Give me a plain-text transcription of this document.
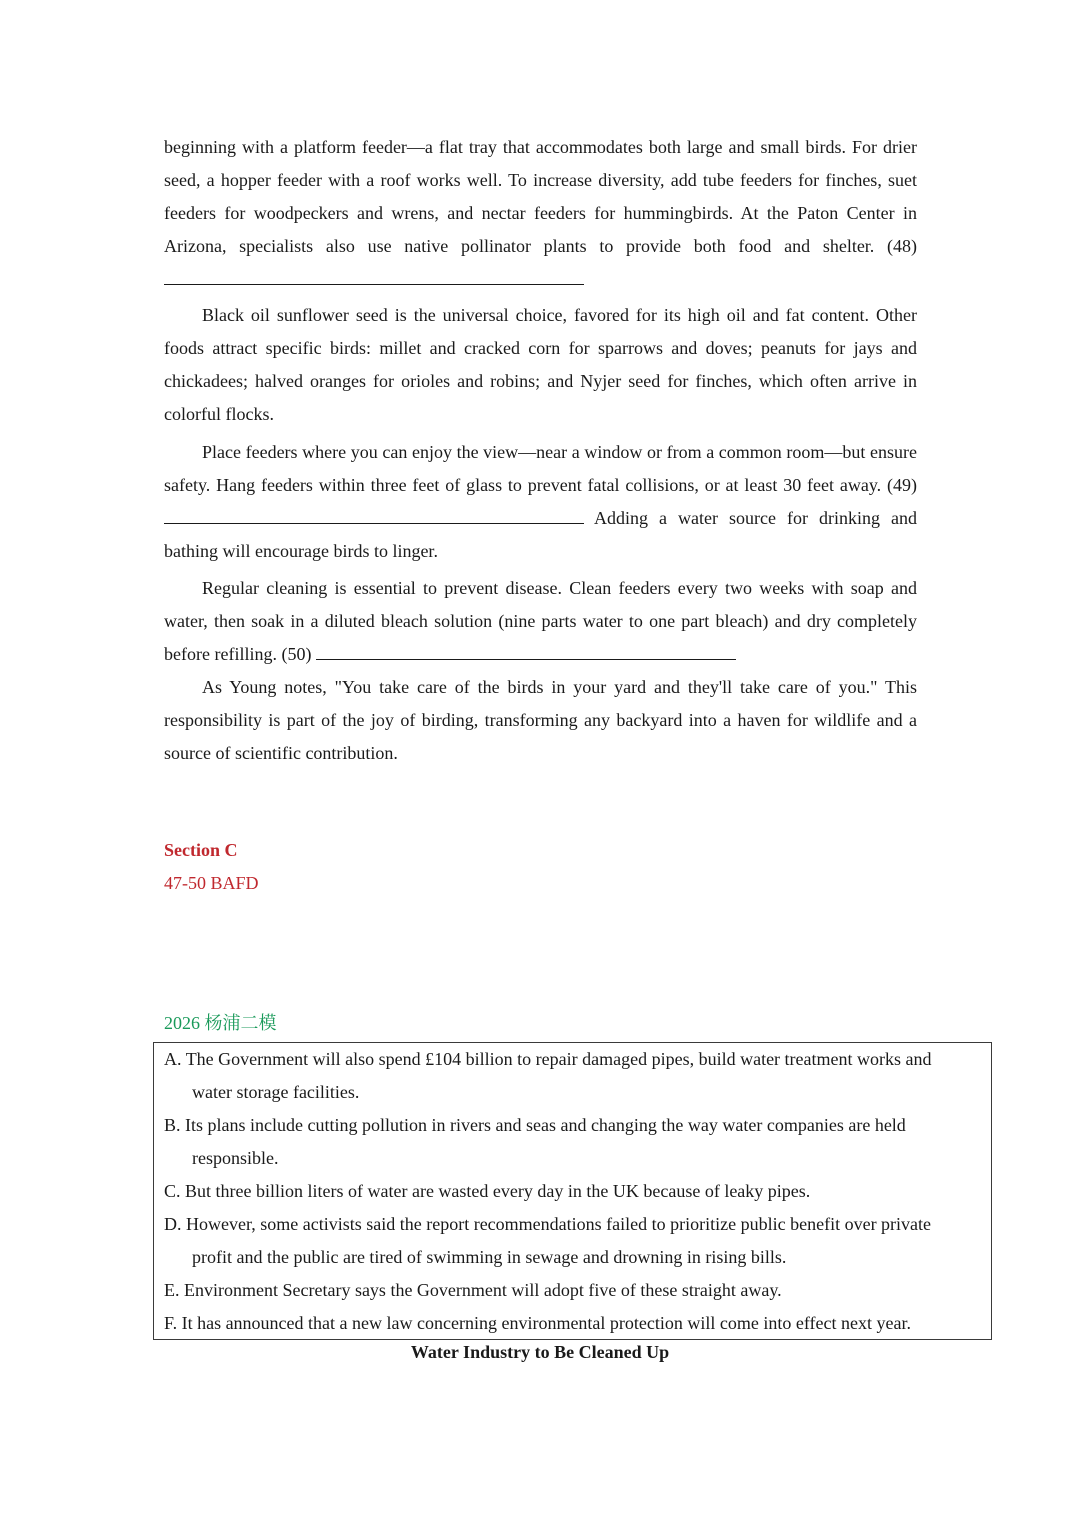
beginning with a platform feeder—a flat tray that accommodates both large and small birds. For drier seed, a hopper feeder with a roof works well. To increase diversity, add tube feeders for finches, suet feeders for woodpeckers and wrens, and nectar feeders for hummingbirds. At the Paton Center in Arizona, specialists also use native pollinator plants to provide both food and shelter. (48)

Black oil sunflower seed is the universal choice, favored for its high oil and fat content. Other foods attract specific birds: millet and cracked corn for sparrows and doves; peanuts for jays and chickadees; halved oranges for orioles and robins; and Nyjer seed for finches, which often arrive in colorful flocks.

Place feeders where you can enjoy the view—near a window or from a common room—but ensure safety. Hang feeders within three feet of glass to prevent fatal collisions, or at least 30 feet away. (49)  Adding a water source for drinking and bathing will encourage birds to linger.

Regular cleaning is essential to prevent disease. Clean feeders every two weeks with soap and water, then soak in a diluted bleach solution (nine parts water to one part bleach) and dry completely before refilling. (50)

As Young notes, "You take care of the birds in your yard and they'll take care of you." This responsibility is part of the joy of birding, transforming any backyard into a haven for wildlife and a source of scientific contribution.

Section C

47-50 BAFD

2026 杨浦二模

A. The Government will also spend £104 billion to repair damaged pipes, build water treatment works and
water storage facilities.

B. Its plans include cutting pollution in rivers and seas and changing the way water companies are held
responsible.

C. But three billion liters of water are wasted every day in the UK because of leaky pipes.

D. However, some activists said the report recommendations failed to prioritize public benefit over private
profit and the public are tired of swimming in sewage and drowning in rising bills.

E. Environment Secretary says the Government will adopt five of these straight away.

F. It has announced that a new law concerning environmental protection will come into effect next year.

Water Industry to Be Cleaned Up
